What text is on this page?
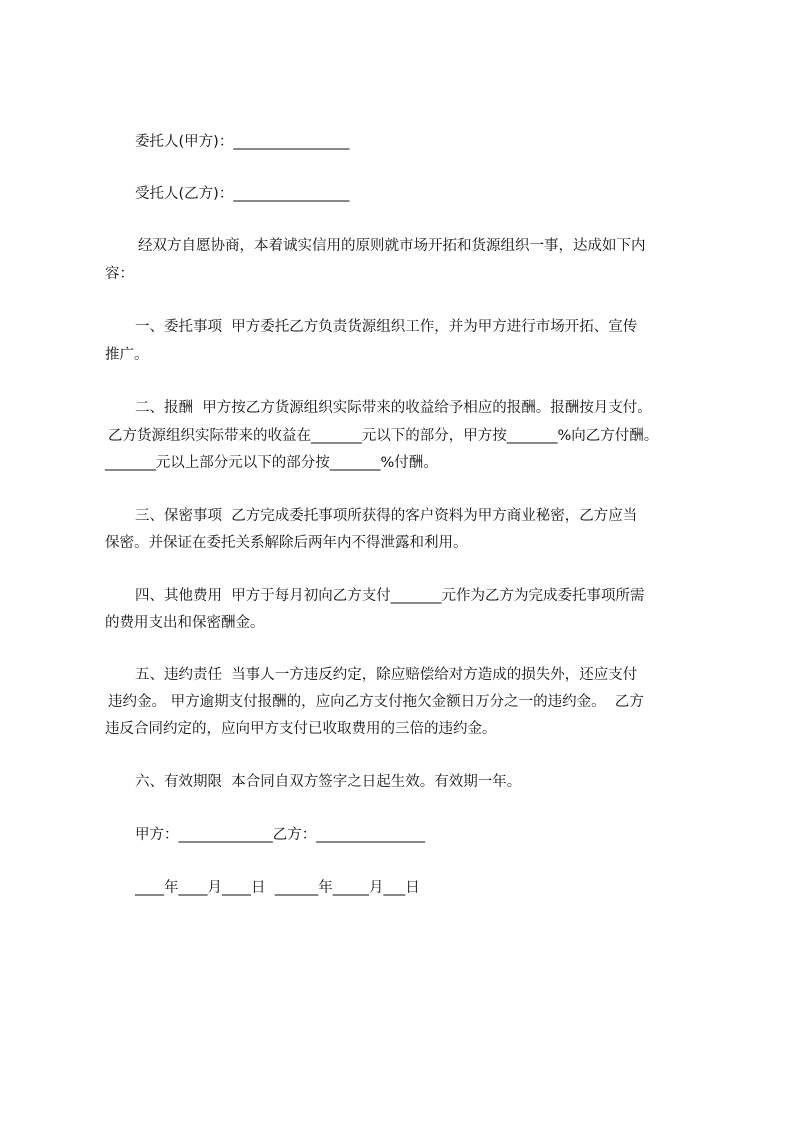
委托人(甲方)：________________
受托人(乙方)：________________
经双方自愿协商，本着诚实信用的原则就市场开拓和货源组织一事，达成如下内
容：
一、委托事项  甲方委托乙方负责货源组织工作，并为甲方进行市场开拓、宣传
推广。
二、报酬  甲方按乙方货源组织实际带来的收益给予相应的报酬。报酬按月支付。
乙方货源组织实际带来的收益在_______元以下的部分，甲方按_______%向乙方付酬。
_______元以上部分元以下的部分按_______%付酬。
三、保密事项  乙方完成委托事项所获得的客户资料为甲方商业秘密，乙方应当
保密。并保证在委托关系解除后两年内不得泄露和利用。
四、其他费用  甲方于每月初向乙方支付_______元作为乙方为完成委托事项所需
的费用支出和保密酬金。
五、违约责任  当事人一方违反约定，除应赔偿给对方造成的损失外，还应支付
违约金。 甲方逾期支付报酬的，应向乙方支付拖欠金额日万分之一的违约金。  乙方
违反合同约定的，应向甲方支付已收取费用的三倍的违约金。
六、有效期限  本合同自双方签字之日起生效。有效期一年。
甲方：_____________乙方：_______________
____年____月____日  ______年_____月___日
